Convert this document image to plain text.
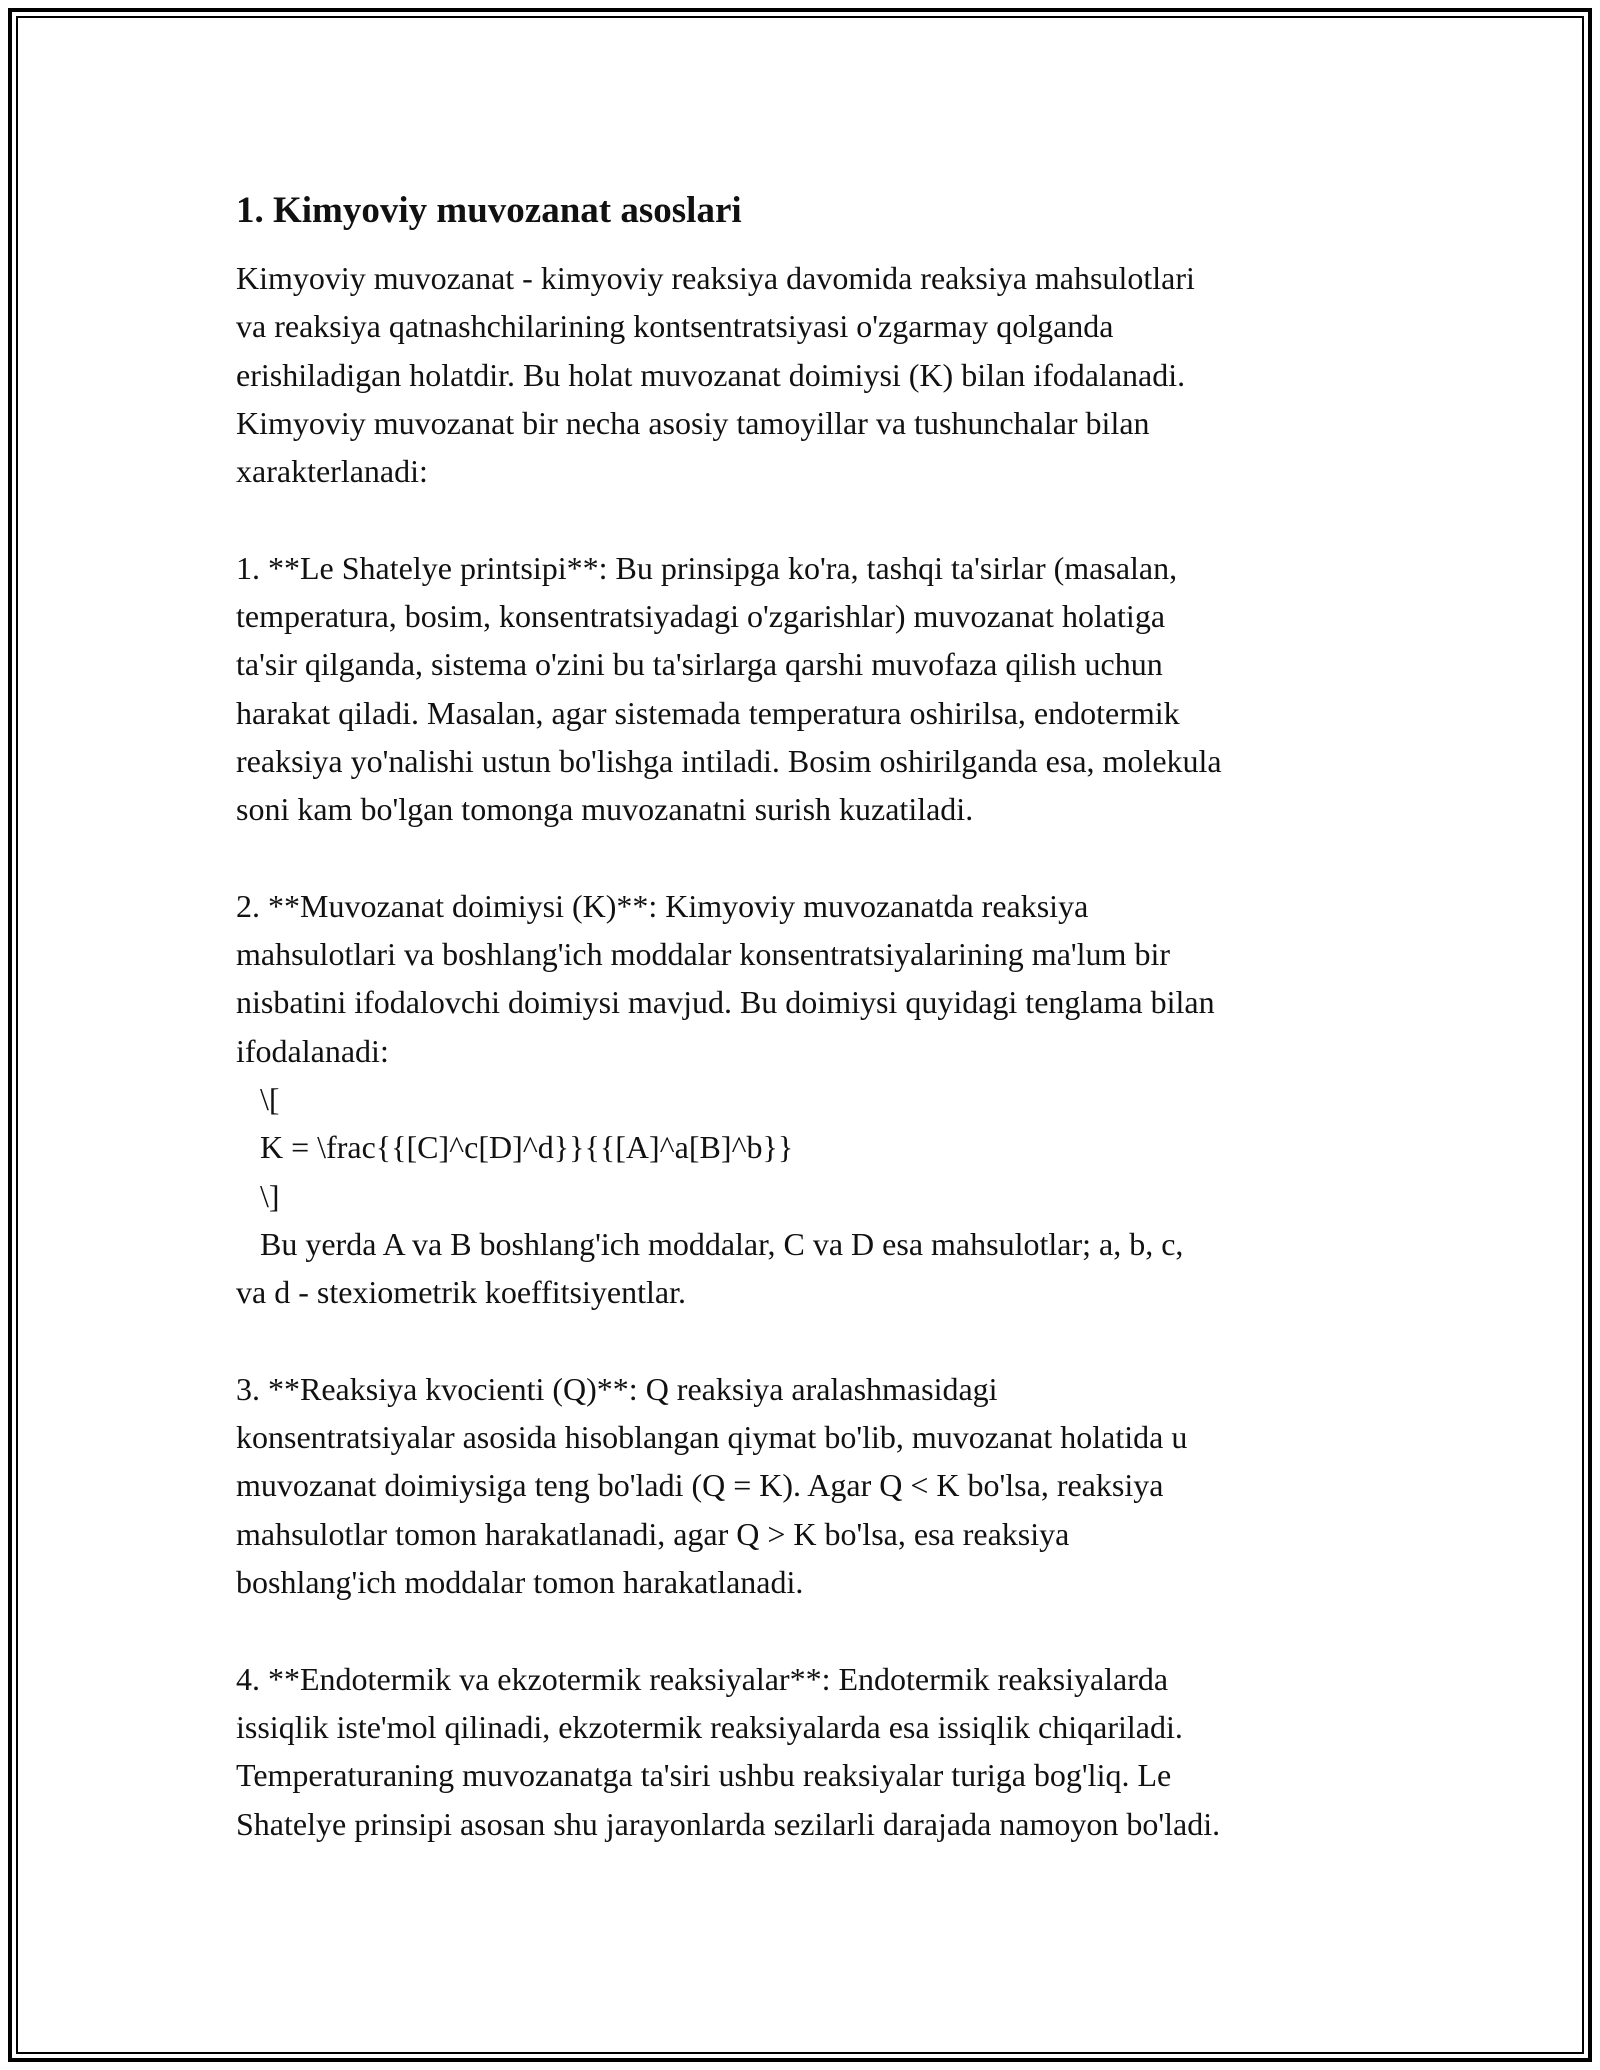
1. Kimyoviy muvozanat asoslari
Kimyoviy muvozanat - kimyoviy reaksiya davomida reaksiya mahsulotlari
va reaksiya qatnashchilarining kontsentratsiyasi o'zgarmay qolganda
erishiladigan holatdir. Bu holat muvozanat doimiysi (K) bilan ifodalanadi.
Kimyoviy muvozanat bir necha asosiy tamoyillar va tushunchalar bilan
xarakterlanadi:
1. **Le Shatelye printsipi**: Bu prinsipga ko'ra, tashqi ta'sirlar (masalan,
temperatura, bosim, konsentratsiyadagi o'zgarishlar) muvozanat holatiga
ta'sir qilganda, sistema o'zini bu ta'sirlarga qarshi muvofaza qilish uchun
harakat qiladi. Masalan, agar sistemada temperatura oshirilsa, endotermik
reaksiya yo'nalishi ustun bo'lishga intiladi. Bosim oshirilganda esa, molekula
soni kam bo'lgan tomonga muvozanatni surish kuzatiladi.
2. **Muvozanat doimiysi (K)**: Kimyoviy muvozanatda reaksiya
mahsulotlari va boshlang'ich moddalar konsentratsiyalarining ma'lum bir
nisbatini ifodalovchi doimiysi mavjud. Bu doimiysi quyidagi tenglama bilan
ifodalanadi:
\[
K = \frac{{[C]^c[D]^d}}{{[A]^a[B]^b}}
\]
Bu yerda A va B boshlang'ich moddalar, C va D esa mahsulotlar; a, b, c,
va d - stexiometrik koeffitsiyentlar.
3. **Reaksiya kvocienti (Q)**: Q reaksiya aralashmasidagi
konsentratsiyalar asosida hisoblangan qiymat bo'lib, muvozanat holatida u
muvozanat doimiysiga teng bo'ladi (Q = K). Agar Q < K bo'lsa, reaksiya
mahsulotlar tomon harakatlanadi, agar Q > K bo'lsa, esa reaksiya
boshlang'ich moddalar tomon harakatlanadi.
4. **Endotermik va ekzotermik reaksiyalar**: Endotermik reaksiyalarda
issiqlik iste'mol qilinadi, ekzotermik reaksiyalarda esa issiqlik chiqariladi.
Temperaturaning muvozanatga ta'siri ushbu reaksiyalar turiga bog'liq. Le
Shatelye prinsipi asosan shu jarayonlarda sezilarli darajada namoyon bo'ladi.
